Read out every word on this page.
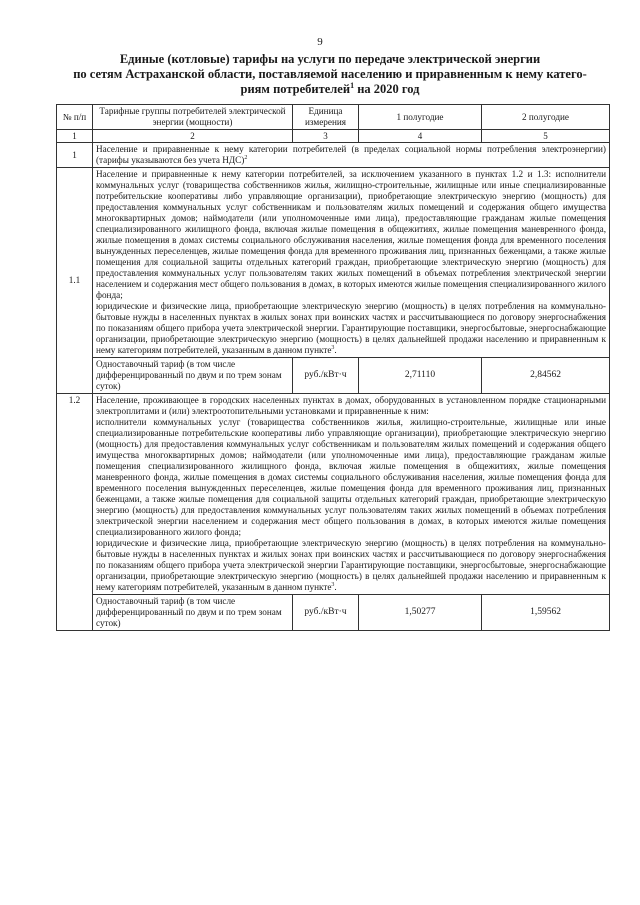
9
Единые (котловые) тарифы на услуги по передаче электрической энергии
по сетям Астраханской области, поставляемой населению и приравненным к нему катего-
риям потребителей$^1$ на 2020 год
№ п/п	Тарифные группы потребителей электрической энергии (мощности)	Единица измерения	1 полугодие	2 полугодие
1	2	3	4	5
1	Население и приравненные к нему категории потребителей (в пределах социальной нормы потребления электроэнергии) (тарифы указываются без учета НДС)$^2$
1.1	Население и приравненные к нему категории потребителей, за исключением указанного в пунктах 1.2 и 1.3: исполнители коммунальных услуг (товарищества собственников жилья, жилищно-строительные, жилищные или иные специализированные потребительские кооперативы либо управляющие организации), приобретающие электрическую энергию (мощность) для предоставления коммунальных услуг собственникам и пользователям жилых помещений и содержания общего имущества многоквартирных домов; наймодатели (или уполномоченные ими лица), предоставляющие гражданам жилые помещения специализированного жилищного фонда, включая жилые помещения в общежитиях, жилые помещения маневренного фонда, жилые помещения в домах системы социального обслуживания населения, жилые помещения фонда для временного поселения вынужденных переселенцев, жилые помещения фонда для временного проживания лиц, признанных беженцами, а также жилые помещения для социальной защиты отдельных категорий граждан, приобретающие электрическую энергию (мощность) для предоставления коммунальных услуг пользователям таких жилых помещений в объемах потребления электрической энергии населением и содержания мест общего пользования в домах, в которых имеются жилые помещения специализированного жилого фонда;

юридические и физические лица, приобретающие электрическую энергию (мощность) в целях потребления на коммунально-бытовые нужды в населенных пунктах в жилых зонах при воинских частях и рассчитывающиеся по договору энергоснабжения по показаниям общего прибора учета электрической энергии. Гарантирующие поставщики, энергосбытовые, энергоснабжающие организации, приобретающие электрическую энергию (мощность) в целях дальнейшей продажи населению и приравненным к нему категориям потребителей, указанным в данном пункте$^3$.			

	Одноставочный тариф (в том числе дифференцированный по двум и по трем зонам суток)	руб./кВт·ч	2,71110	2,84562
1.2	Население, проживающее в городских населенных пунктах в домах, оборудованных в установленном порядке стационарными электроплитами и (или) электроотопительными установками и приравненные к ним:

исполнители коммунальных услуг (товарищества собственников жилья, жилищно-строительные, жилищные или иные специализированные потребительские кооперативы либо управляющие организации), приобретающие электрическую энергию (мощность) для предоставления коммунальных услуг собственникам и пользователям жилых помещений и содержания общего имущества многоквартирных домов; наймодатели (или уполномоченные ими лица), предоставляющие гражданам жилые помещения специализированного жилищного фонда, включая жилые помещения в общежитиях, жилые помещения маневренного фонда, жилые помещения в домах системы социального обслуживания населения, жилые помещения фонда для временного поселения вынужденных переселенцев, жилые помещения фонда для временного проживания лиц, признанных беженцами, а также жилые помещения для социальной защиты отдельных категорий граждан, приобретающие электрическую энергию (мощность) для предоставления коммунальных услуг пользователям таких жилых помещений в объемах потребления электрической энергии населением и содержания мест общего пользования в домах, в которых имеются жилые помещения специализированного жилого фонда;

юридические и физические лица, приобретающие электрическую энергию (мощность) в целях потребления на коммунально-бытовые нужды в населенных пунктах и жилых зонах при воинских частях и рассчитывающиеся по договору энергоснабжения по показаниям общего прибора учета электрической энергии Гарантирующие поставщики, энергосбытовые, энергоснабжающие организации, приобретающие электрическую энергию (мощность) в целях дальнейшей продажи населению и приравненным к нему категориям потребителей, указанным в данном пункте$^3$.			

	Одноставочный тариф (в том числе дифференцированный по двум и по трем зонам суток)	руб./кВт·ч	1,50277	1,59562
